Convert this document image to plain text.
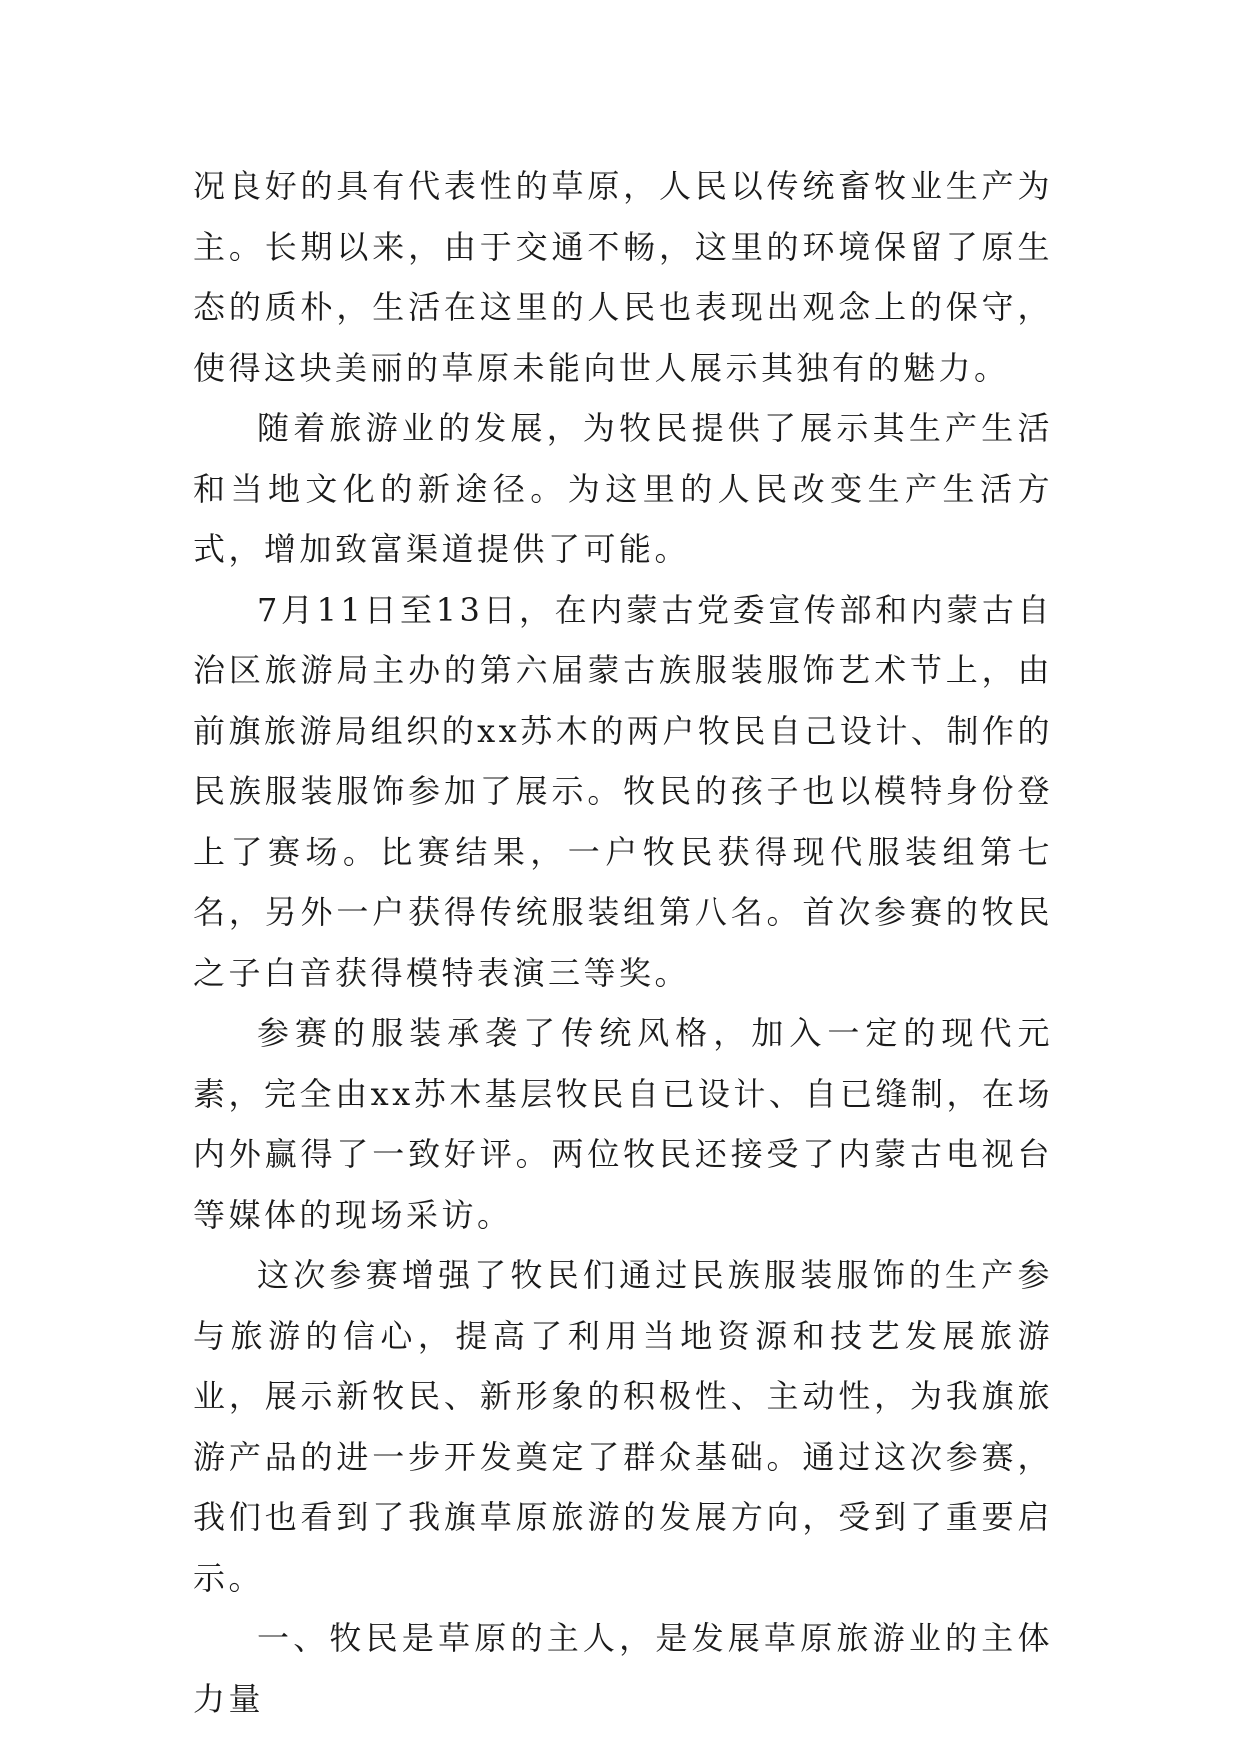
况良好的具有代表性的草原，人民以传统畜牧业生产为主。长期以来，由于交通不畅，这里的环境保留了原生态的质朴，生活在这里的人民也表现出观念上的保守，使得这块美丽的草原未能向世人展示其独有的魅力。

随着旅游业的发展，为牧民提供了展示其生产生活和当地文化的新途径。为这里的人民改变生产生活方式，增加致富渠道提供了可能。

7月11日至13日，在内蒙古党委宣传部和内蒙古自治区旅游局主办的第六届蒙古族服装服饰艺术节上，由前旗旅游局组织的xx苏木的两户牧民自己设计、制作的民族服装服饰参加了展示。牧民的孩子也以模特身份登上了赛场。比赛结果，一户牧民获得现代服装组第七名，另外一户获得传统服装组第八名。首次参赛的牧民之子白音获得模特表演三等奖。

参赛的服装承袭了传统风格，加入一定的现代元素，完全由xx苏木基层牧民自已设计、自已缝制，在场内外赢得了一致好评。两位牧民还接受了内蒙古电视台等媒体的现场采访。

这次参赛增强了牧民们通过民族服装服饰的生产参与旅游的信心，提高了利用当地资源和技艺发展旅游业，展示新牧民、新形象的积极性、主动性，为我旗旅游产品的进一步开发奠定了群众基础。通过这次参赛，我们也看到了我旗草原旅游的发展方向，受到了重要启示。

一、牧民是草原的主人，是发展草原旅游业的主体力量
